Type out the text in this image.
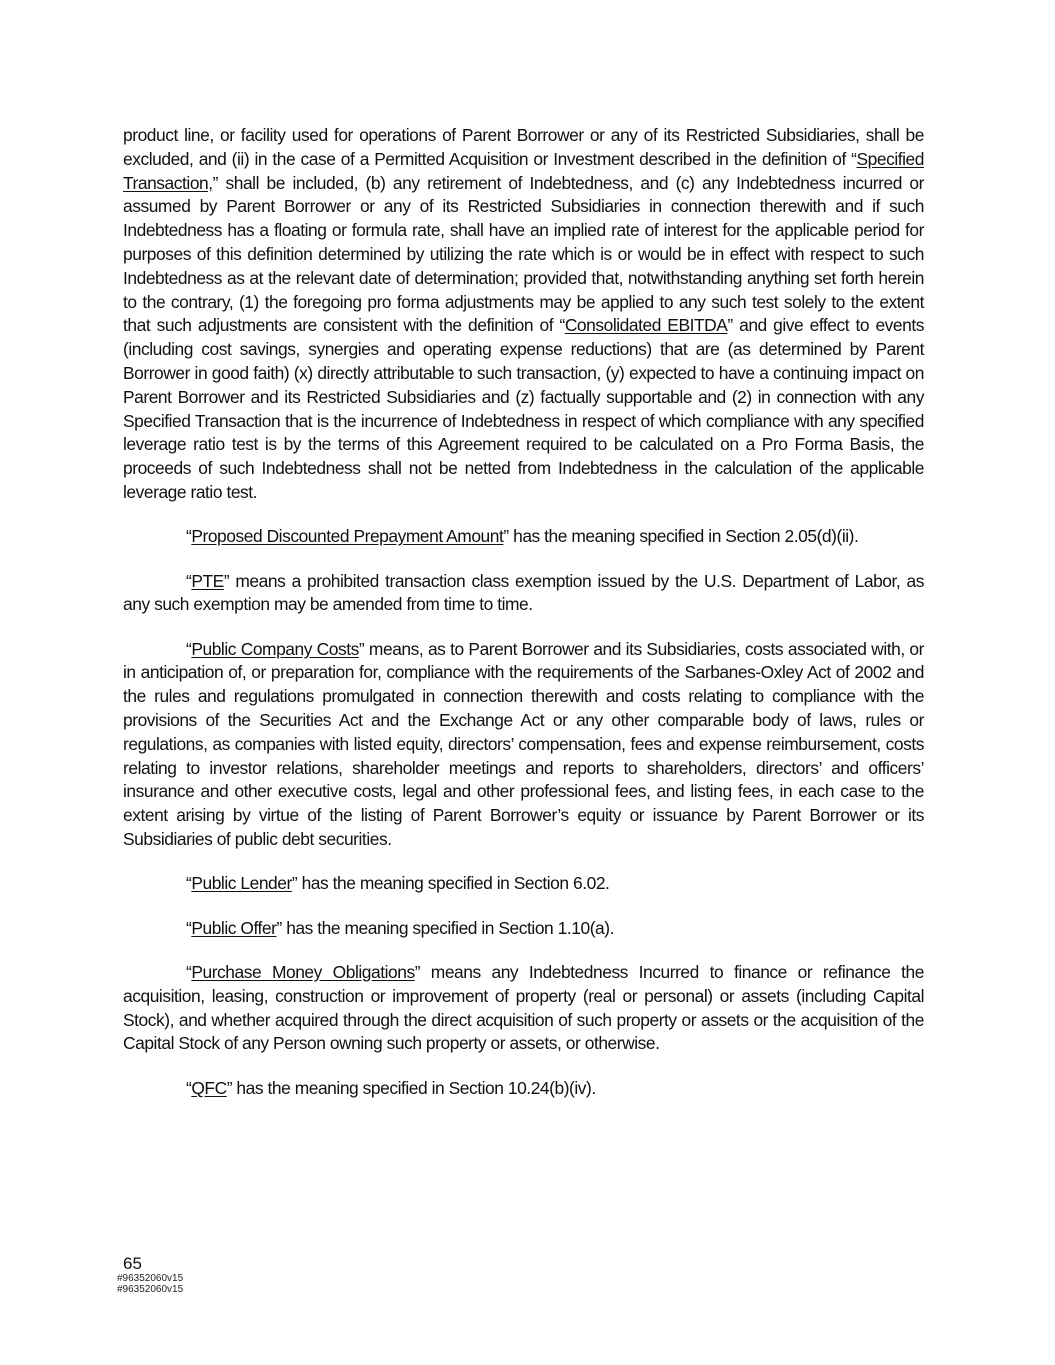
product line, or facility used for operations of Parent Borrower or any of its Restricted Subsidiaries, shall be excluded, and (ii) in the case of a Permitted Acquisition or Investment described in the definition of “Specified Transaction,” shall be included, (b) any retirement of Indebtedness, and (c) any Indebtedness incurred or assumed by Parent Borrower or any of its Restricted Subsidiaries in connection therewith and if such Indebtedness has a floating or formula rate, shall have an implied rate of interest for the applicable period for purposes of this definition determined by utilizing the rate which is or would be in effect with respect to such Indebtedness as at the relevant date of determination; provided that, notwithstanding anything set forth herein to the contrary, (1) the foregoing pro forma adjustments may be applied to any such test solely to the extent that such adjustments are consistent with the definition of “Consolidated EBITDA” and give effect to events (including cost savings, synergies and operating expense reductions) that are (as determined by Parent Borrower in good faith) (x) directly attributable to such transaction, (y) expected to have a continuing impact on Parent Borrower and its Restricted Subsidiaries and (z) factually supportable and (2) in connection with any Specified Transaction that is the incurrence of Indebtedness in respect of which compliance with any specified leverage ratio test is by the terms of this Agreement required to be calculated on a Pro Forma Basis, the proceeds of such Indebtedness shall not be netted from Indebtedness in the calculation of the applicable leverage ratio test.

“Proposed Discounted Prepayment Amount” has the meaning specified in Section 2.05(d)(ii).

“PTE” means a prohibited transaction class exemption issued by the U.S. Department of Labor, as any such exemption may be amended from time to time.

“Public Company Costs” means, as to Parent Borrower and its Subsidiaries, costs associated with, or in anticipation of, or preparation for, compliance with the requirements of the Sarbanes-Oxley Act of 2002 and the rules and regulations promulgated in connection therewith and costs relating to compliance with the provisions of the Securities Act and the Exchange Act or any other comparable body of laws, rules or regulations, as companies with listed equity, directors’ compensation, fees and expense reimbursement, costs relating to investor relations, shareholder meetings and reports to shareholders, directors’ and officers’ insurance and other executive costs, legal and other professional fees, and listing fees, in each case to the extent arising by virtue of the listing of Parent Borrower’s equity or issuance by Parent Borrower or its Subsidiaries of public debt securities.

“Public Lender” has the meaning specified in Section 6.02.

“Public Offer” has the meaning specified in Section 1.10(a).

“Purchase Money Obligations” means any Indebtedness Incurred to finance or refinance the acquisition, leasing, construction or improvement of property (real or personal) or assets (including Capital Stock), and whether acquired through the direct acquisition of such property or assets or the acquisition of the Capital Stock of any Person owning such property or assets, or otherwise.

“QFC” has the meaning specified in Section 10.24(b)(iv).

65
#96352060v15
#96352060v15
